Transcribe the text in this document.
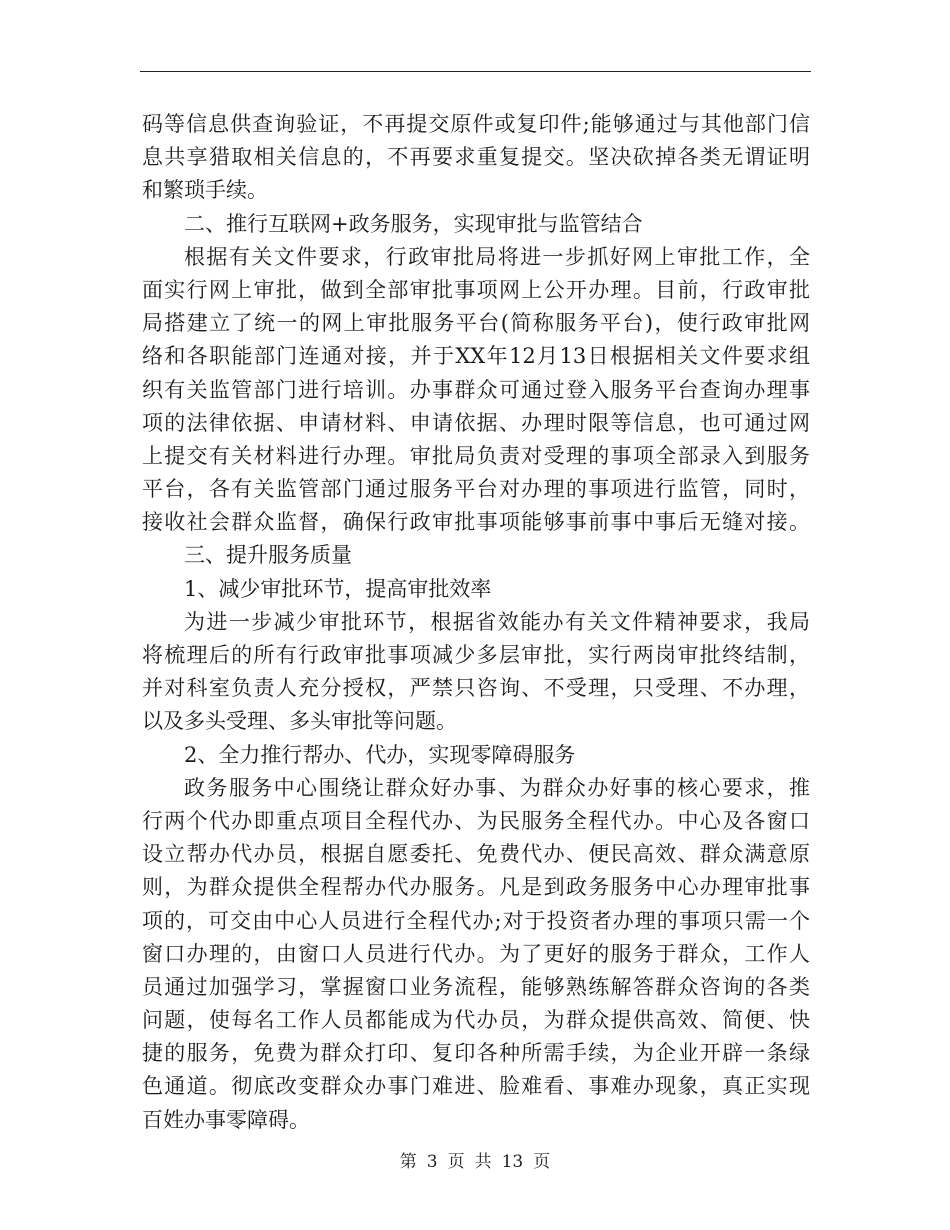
码等信息供查询验证，不再提交原件或复印件;能够通过与其他部门信
息共享猎取相关信息的，不再要求重复提交。坚决砍掉各类无谓证明
和繁琐手续。
二、推行互联网+政务服务，实现审批与监管结合
根据有关文件要求，行政审批局将进一步抓好网上审批工作，全
面实行网上审批，做到全部审批事项网上公开办理。目前，行政审批
局搭建立了统一的网上审批服务平台(简称服务平台)，使行政审批网
络和各职能部门连通对接，并于XX年12月13日根据相关文件要求组
织有关监管部门进行培训。办事群众可通过登入服务平台查询办理事
项的法律依据、申请材料、申请依据、办理时限等信息，也可通过网
上提交有关材料进行办理。审批局负责对受理的事项全部录入到服务
平台，各有关监管部门通过服务平台对办理的事项进行监管，同时，
接收社会群众监督，确保行政审批事项能够事前事中事后无缝对接。
三、提升服务质量
1、减少审批环节，提高审批效率
为进一步减少审批环节，根据省效能办有关文件精神要求，我局
将梳理后的所有行政审批事项减少多层审批，实行两岗审批终结制，
并对科室负责人充分授权，严禁只咨询、不受理，只受理、不办理，
以及多头受理、多头审批等问题。
2、全力推行帮办、代办，实现零障碍服务
政务服务中心围绕让群众好办事、为群众办好事的核心要求，推
行两个代办即重点项目全程代办、为民服务全程代办。中心及各窗口
设立帮办代办员，根据自愿委托、免费代办、便民高效、群众满意原
则，为群众提供全程帮办代办服务。凡是到政务服务中心办理审批事
项的，可交由中心人员进行全程代办;对于投资者办理的事项只需一个
窗口办理的，由窗口人员进行代办。为了更好的服务于群众，工作人
员通过加强学习，掌握窗口业务流程，能够熟练解答群众咨询的各类
问题，使每名工作人员都能成为代办员，为群众提供高效、简便、快
捷的服务，免费为群众打印、复印各种所需手续，为企业开辟一条绿
色通道。彻底改变群众办事门难进、脸难看、事难办现象，真正实现
百姓办事零障碍。
第 3 页 共 13 页
